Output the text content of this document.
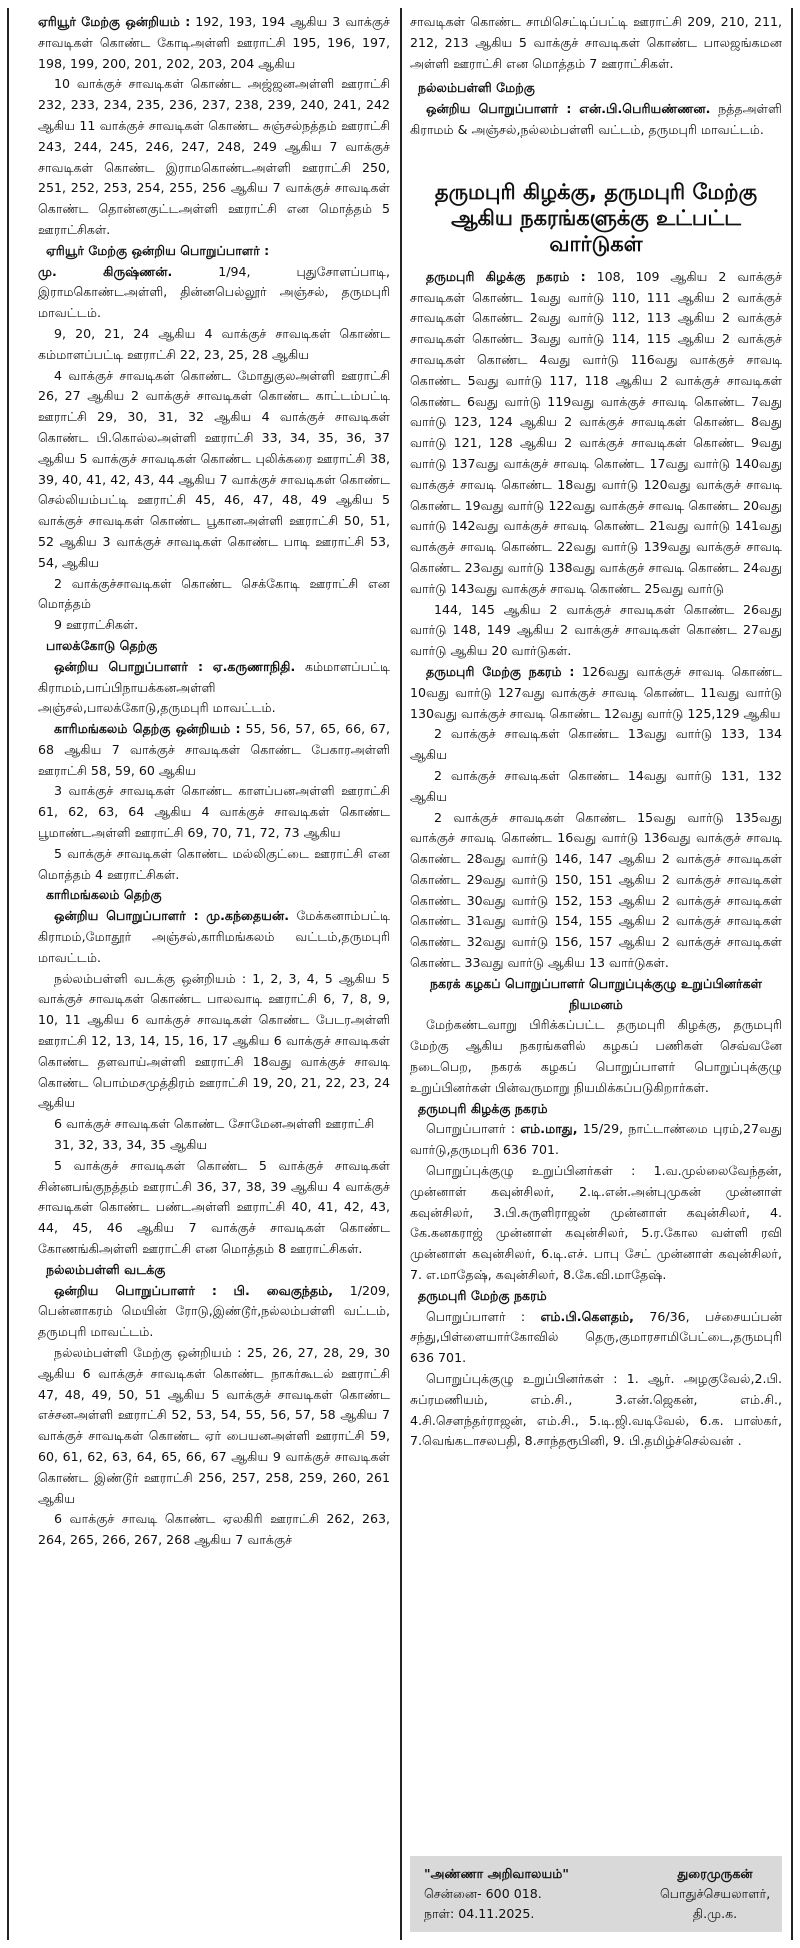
ஏரியூர் மேற்கு ஒன்றியம் : 192, 193, 194 ஆகிய 3 வாக்குச் சாவடிகள் கொண்ட கோடிஅள்ளி ஊராட்சி 195, 196, 197, 198, 199, 200, 201, 202, 203, 204 ஆகிய

10 வாக்குச் சாவடிகள் கொண்ட அஜ்ஜனஅள்ளி ஊராட்சி 232, 233, 234, 235, 236, 237, 238, 239, 240, 241, 242 ஆகிய 11 வாக்குச் சாவடிகள் கொண்ட சுஞ்சல்நத்தம் ஊராட்சி 243, 244, 245, 246, 247, 248, 249 ஆகிய 7 வாக்குச் சாவடிகள் கொண்ட இராமகொண்டஅள்ளி ஊராட்சி 250, 251, 252, 253, 254, 255, 256 ஆகிய 7 வாக்குச் சாவடிகள் கொண்ட தொன்னகுட்டஅள்ளி ஊராட்சி என மொத்தம் 5 ஊராட்சிகள்.

ஏரியூர் மேற்கு ஒன்றிய பொறுப்பாளர் :

மு. கிருஷ்ணன்.	1/94, புதுசோளப்பாடி, இராமகொண்டஅள்ளி, தின்னபெல்லூர் அஞ்சல், தருமபுரி மாவட்டம்.

9, 20, 21, 24 ஆகிய 4 வாக்குச் சாவடிகள் கொண்ட கம்மாளப்பட்டி ஊராட்சி 22, 23, 25, 28 ஆகிய

4 வாக்குச் சாவடிகள் கொண்ட மோதுகுலஅள்ளி ஊராட்சி 26, 27 ஆகிய 2 வாக்குச் சாவடிகள் கொண்ட காட்டம்பட்டி ஊராட்சி 29, 30, 31, 32 ஆகிய 4 வாக்குச் சாவடிகள் கொண்ட பி.கொல்லஅள்ளி ஊராட்சி 33, 34, 35, 36, 37 ஆகிய 5 வாக்குச் சாவடிகள் கொண்ட புலிக்கரை ஊராட்சி 38, 39, 40, 41, 42, 43, 44 ஆகிய 7 வாக்குச் சாவடிகள் கொண்ட செல்லியம்பட்டி ஊராட்சி 45, 46, 47, 48, 49 ஆகிய 5 வாக்குச் சாவடிகள் கொண்ட பூகானஅள்ளி ஊராட்சி 50, 51, 52 ஆகிய 3 வாக்குச் சாவடிகள் கொண்ட பாடி ஊராட்சி 53, 54, ஆகிய

2 வாக்குச்சாவடிகள் கொண்ட செக்கோடி ஊராட்சி என மொத்தம்

9 ஊராட்சிகள்.

பாலக்கோடு தெற்கு

ஒன்றிய பொறுப்பாளர் : ஏ.கருணாநிதி. கம்மாளப்பட்டி கிராமம்,பாப்பிநாயக்கனஅள்ளி அஞ்சல்,பாலக்கோடு,தருமபுரி மாவட்டம்.

காரிமங்கலம் தெற்கு ஒன்றியம் : 55, 56, 57, 65, 66, 67, 68 ஆகிய 7 வாக்குச் சாவடிகள் கொண்ட பேகாரஅள்ளி ஊராட்சி 58, 59, 60 ஆகிய

3 வாக்குச் சாவடிகள் கொண்ட காளப்பனஅள்ளி ஊராட்சி 61, 62, 63, 64 ஆகிய 4 வாக்குச் சாவடிகள் கொண்ட பூமாண்டஅள்ளி ஊராட்சி 69, 70, 71, 72, 73 ஆகிய

5 வாக்குச் சாவடிகள் கொண்ட மல்லிகுட்டை ஊராட்சி என மொத்தம் 4 ஊராட்சிகள்.

காரிமங்கலம் தெற்கு

ஒன்றிய பொறுப்பாளர் : மு.கந்தையன். மேக்கனாம்பட்டி கிராமம்,மோதூர் அஞ்சல்,காரிமங்கலம் வட்டம்,தருமபுரி மாவட்டம்.

நல்லம்பள்ளி வடக்கு ஒன்றியம் : 1, 2, 3, 4, 5 ஆகிய 5 வாக்குச் சாவடிகள் கொண்ட பாலவாடி ஊராட்சி 6, 7, 8, 9, 10, 11 ஆகிய 6 வாக்குச் சாவடிகள் கொண்ட பேடரஅள்ளி ஊராட்சி 12, 13, 14, 15, 16, 17 ஆகிய 6 வாக்குச் சாவடிகள் கொண்ட தளவாய்அள்ளி ஊராட்சி 18வது வாக்குச் சாவடி கொண்ட பொம்மசமுத்திரம் ஊராட்சி 19, 20, 21, 22, 23, 24 ஆகிய

6 வாக்குச் சாவடிகள் கொண்ட சோமேனஅள்ளி ஊராட்சி

31, 32, 33, 34, 35 ஆகிய

5 வாக்குச் சாவடிகள் கொண்ட 5 வாக்குச் சாவடிகள் சின்னபங்குநத்தம் ஊராட்சி 36, 37, 38, 39 ஆகிய 4 வாக்குச் சாவடிகள் கொண்ட பண்டஅள்ளி ஊராட்சி 40, 41, 42, 43, 44, 45, 46 ஆகிய 7 வாக்குச் சாவடிகள் கொண்ட கோணங்கிஅள்ளி ஊராட்சி என மொத்தம் 8 ஊராட்சிகள்.

நல்லம்பள்ளி வடக்கு

ஒன்றிய பொறுப்பாளர் : பி. வைகுந்தம், 1/209, பென்னாகரம் மெயின் ரோடு,இண்டூர்,நல்லம்பள்ளி வட்டம், தருமபுரி மாவட்டம்.

நல்லம்பள்ளி மேற்கு ஒன்றியம் : 25, 26, 27, 28, 29, 30 ஆகிய 6 வாக்குச் சாவடிகள் கொண்ட நாகர்கூடல் ஊராட்சி 47, 48, 49, 50, 51 ஆகிய 5 வாக்குச் சாவடிகள் கொண்ட எச்சனஅள்ளி ஊராட்சி 52, 53, 54, 55, 56, 57, 58 ஆகிய 7 வாக்குச் சாவடிகள் கொண்ட ஏர் பையனஅள்ளி ஊராட்சி 59, 60, 61, 62, 63, 64, 65, 66, 67 ஆகிய 9 வாக்குச் சாவடிகள் கொண்ட இண்டூர் ஊராட்சி 256, 257, 258, 259, 260, 261 ஆகிய

6 வாக்குச் சாவடி கொண்ட ஏலகிரி ஊராட்சி 262, 263, 264, 265, 266, 267, 268 ஆகிய 7 வாக்குச்

சாவடிகள் கொண்ட சாமிசெட்டிப்பட்டி ஊராட்சி 209, 210, 211, 212, 213 ஆகிய 5 வாக்குச் சாவடிகள் கொண்ட பாலஜங்கமன அள்ளி ஊராட்சி என மொத்தம் 7 ஊராட்சிகள்.

நல்லம்பள்ளி மேற்கு

ஒன்றிய பொறுப்பாளர் : என்.பி.பெரியண்ணன. நத்தஅள்ளி கிராமம் & அஞ்சல்,நல்லம்பள்ளி வட்டம், தருமபுரி மாவட்டம்.

தருமபுரி கிழக்கு, தருமபுரி மேற்கு ஆகிய நகரங்களுக்கு உட்பட்ட வார்டுகள்

தருமபுரி கிழக்கு நகரம் : 108, 109 ஆகிய 2 வாக்குச் சாவடிகள் கொண்ட 1வது வார்டு 110, 111 ஆகிய 2 வாக்குச் சாவடிகள் கொண்ட 2வது வார்டு 112, 113 ஆகிய 2 வாக்குச் சாவடிகள் கொண்ட 3வது வார்டு 114, 115 ஆகிய 2 வாக்குச் சாவடிகள் கொண்ட 4வது வார்டு 116வது வாக்குச் சாவடி கொண்ட 5வது வார்டு 117, 118 ஆகிய 2 வாக்குச் சாவடிகள் கொண்ட 6வது வார்டு 119வது வாக்குச் சாவடி கொண்ட 7வது வார்டு 123, 124 ஆகிய 2 வாக்குச் சாவடிகள் கொண்ட 8வது வார்டு 121, 128 ஆகிய 2 வாக்குச் சாவடிகள் கொண்ட 9வது வார்டு 137வது வாக்குச் சாவடி கொண்ட 17வது வார்டு 140வது வாக்குச் சாவடி கொண்ட 18வது வார்டு 120வது வாக்குச் சாவடி கொண்ட 19வது வார்டு 122வது வாக்குச் சாவடி கொண்ட 20வது வார்டு 142வது வாக்குச் சாவடி கொண்ட 21வது வார்டு 141வது வாக்குச் சாவடி கொண்ட 22வது வார்டு 139வது வாக்குச் சாவடி கொண்ட 23வது வார்டு 138வது வாக்குச் சாவடி கொண்ட 24வது வார்டு 143வது வாக்குச் சாவடி கொண்ட 25வது வார்டு

144, 145 ஆகிய 2 வாக்குச் சாவடிகள் கொண்ட 26வது வார்டு 148, 149 ஆகிய 2 வாக்குச் சாவடிகள் கொண்ட 27வது வார்டு ஆகிய 20 வார்டுகள்.

தருமபுரி மேற்கு நகரம் : 126வது வாக்குச் சாவடி கொண்ட 10வது வார்டு 127வது வாக்குச் சாவடி கொண்ட 11வது வார்டு 130வது வாக்குச் சாவடி கொண்ட 12வது வார்டு 125,129 ஆகிய

2 வாக்குச் சாவடிகள் கொண்ட 13வது வார்டு 133, 134 ஆகிய

2 வாக்குச் சாவடிகள் கொண்ட 14வது வார்டு 131, 132 ஆகிய

2 வாக்குச் சாவடிகள் கொண்ட 15வது வார்டு 135வது வாக்குச் சாவடி கொண்ட 16வது வார்டு 136வது வாக்குச் சாவடி கொண்ட 28வது வார்டு 146, 147 ஆகிய 2 வாக்குச் சாவடிகள் கொண்ட 29வது வார்டு 150, 151 ஆகிய 2 வாக்குச் சாவடிகள் கொண்ட 30வது வார்டு 152, 153 ஆகிய 2 வாக்குச் சாவடிகள் கொண்ட 31வது வார்டு 154, 155 ஆகிய 2 வாக்குச் சாவடிகள் கொண்ட 32வது வார்டு 156, 157 ஆகிய 2 வாக்குச் சாவடிகள் கொண்ட 33வது வார்டு ஆகிய 13 வார்டுகள்.

நகரக் கழகப் பொறுப்பாளர் பொறுப்புக்குழு உறுப்பினர்கள் நியமனம்

மேற்கண்டவாறு பிரிக்கப்பட்ட தருமபுரி கிழக்கு, தருமபுரி மேற்கு ஆகிய நகரங்களில் கழகப் பணிகள் செவ்வனே நடைபெற, நகரக் கழகப் பொறுப்பாளர் பொறுப்புக்குழு உறுப்பினர்கள் பின்வருமாறு நியமிக்கப்படுகிறார்கள்.

தருமபுரி கிழக்கு நகரம்

பொறுப்பாளர் : எம்.மாது, 15/29, நாட்டாண்மை புரம்,27வது வார்டு,தருமபுரி 636 701.

பொறுப்புக்குழு உறுப்பினர்கள் : 1.வ.முல்லைவேந்தன், முன்னாள் கவுன்சிலர், 2.டி.என்.அன்புமுகன் முன்னாள் கவுன்சிலர், 3.பி.சுருளிராஜன் முன்னாள் கவுன்சிலர், 4. கே.கனகராஜ் முன்னாள் கவுன்சிலர், 5.ர.கோல வள்ளி ரவி முன்னாள் கவுன்சிலர், 6.டி.எச். பாபு சேட் முன்னாள் கவுன்சிலர், 7. எ.மாதேஷ், கவுன்சிலர், 8.கே.வி.மாதேஷ்.

தருமபுரி மேற்கு நகரம்

பொறுப்பாளர் : எம்.பி.கௌதம், 76/36, பச்சையப்பன் சந்து,பிள்ளையார்கோவில் தெரு,குமாரசாமிபேட்டை,தருமபுரி 636 701.

பொறுப்புக்குழு உறுப்பினர்கள் : 1. ஆர். அழகுவேல்,2.பி. சுப்ரமணியம், எம்.சி., 3.என்.ஜெகன், எம்.சி., 4.சி.சௌந்தர்ராஜன், எம்.சி., 5.டி.ஜி.வடிவேல், 6.க. பாஸ்கர், 7.வெங்கடாசலபதி, 8.சாந்தரூபினி, 9. பி.தமிழ்ச்செல்வன் .

"அண்ணா அறிவாலயம்"
சென்னை- 600 018.
நாள்: 04.11.2025.
துரைமுருகன்
பொதுச்செயலாளர்,
தி.மு.க.
